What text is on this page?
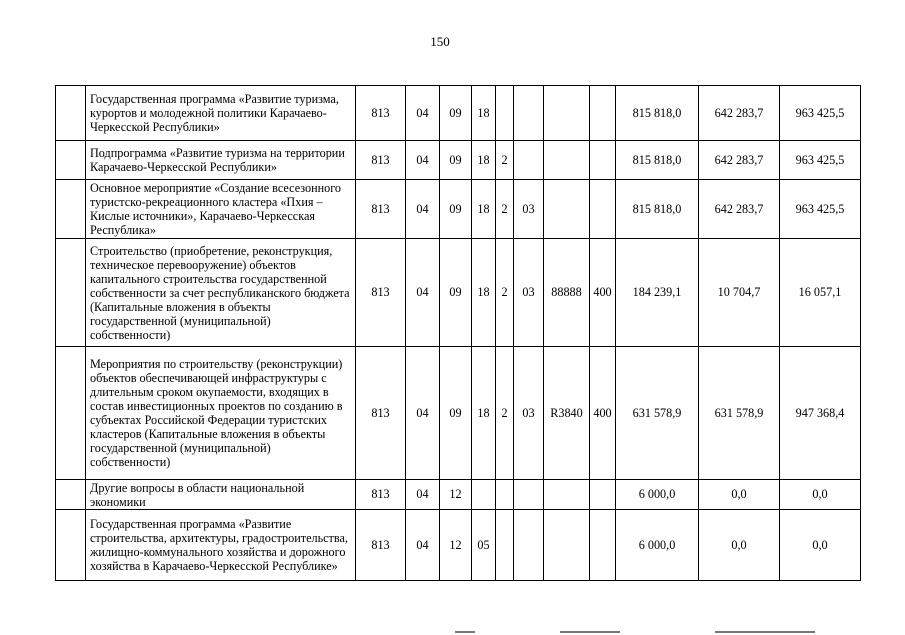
150
	Государственная программа «Развитие туризма, курортов и молодежной политики Карачаево-Черкесской Республики»	813	04	09	18					815 818,0	642 283,7	963 425,5
	Подпрограмма «Развитие туризма на территории Карачаево-Черкесской Республики»	813	04	09	18	2				815 818,0	642 283,7	963 425,5
	Основное мероприятие «Создание всесезонного туристско-рекреационного кластера «Пхия – Кислые источники», Карачаево-Черкесская Республика»	813	04	09	18	2	03			815 818,0	642 283,7	963 425,5
	Строительство (приобретение, реконструкция, техническое перевооружение) объектов капитального строительства государственной собственности за счет республиканского бюджета (Капитальные вложения в объекты государственной (муниципальной) собственности)	813	04	09	18	2	03	88888	400	184 239,1	10 704,7	16 057,1
	Мероприятия по строительству (реконструкции) объектов обеспечивающей инфраструктуры с длительным сроком окупаемости, входящих в состав инвестиционных проектов по созданию в субъектах Российской Федерации туристских кластеров (Капитальные вложения в объекты государственной (муниципальной) собственности)	813	04	09	18	2	03	R3840	400	631 578,9	631 578,9	947 368,4
	Другие вопросы в области национальной экономики	813	04	12						6 000,0	0,0	0,0
	Государственная программа «Развитие строительства, архитектуры, градостроительства, жилищно-коммунального хозяйства и дорожного хозяйства в Карачаево-Черкесской Республике»	813	04	12	05					6 000,0	0,0	0,0
